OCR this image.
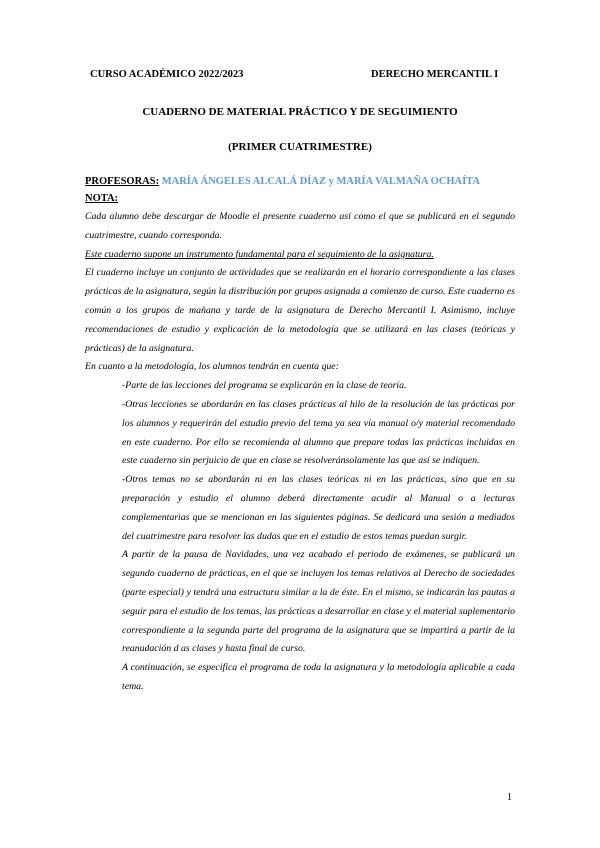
CURSO ACADÉMICO 2022/2023	DERECHO MERCANTIL I
CUADERNO DE MATERIAL PRÁCTICO Y DE SEGUIMIENTO
(PRIMER CUATRIMESTRE)
PROFESORAS: MARÍA ÁNGELES ALCALÁ DÍAZ y MARÍA VALMAÑA OCHAÍTA
NOTA:

Cada alumno debe descargar de Moodle el presente cuaderno así como el que se publicará en el segundo cuatrimestre, cuando corresponda.

Este cuaderno supone un instrumento fundamental para el seguimiento de la asignatura.

El cuaderno incluye un conjunto de actividades que se realizarán en el horario correspondiente a las clases prácticas de la asignatura, según la distribución por grupos asignada a comienzo de curso. Este cuaderno es común a los grupos de mañana y tarde de la asignatura de Derecho Mercantil I. Asimismo, incluye recomendaciones de estudio y explicación de la metodología que se utilizará en las clases (teóricas y prácticas) de la asignatura.

En cuanto a la metodología, los alumnos tendrán en cuenta que:

-Parte de las lecciones del programa se explicarán en la clase de teoría.

-Otras lecciones se abordarán en las clases prácticas al hilo de la resolución de las prácticas por los alumnos y requerirán del estudio previo del tema ya sea vía manual o/y material recomendado en este cuaderno. Por ello se recomienda al alumno que prepare todas las prácticas incluidas en este cuaderno sin perjuicio de que en clase se resolveránsolamente las que así se indiquen.

-Otros temas no se abordarán ni en las clases teóricas ni en las prácticas, sino que en su preparación y estudio el alumno deberá directamente acudir al Manual o a lecturas complementarias que se mencionan en las siguientes páginas. Se dedicará una sesión a mediados del cuatrimestre para resolver las dudas que en el estudio de estos temas puedan surgir.

A partir de la pausa de Navidades, una vez acabado el periodo de exámenes, se publicará un segundo cuaderno de prácticas, en el que se incluyen los temas relativos al Derecho de sociedades (parte especial) y tendrá una estructura similar a la de éste. En el mismo, se indicarán las pautas a seguir para el estudio de los temas, las prácticas a desarrollar en clase y el material suplementario correspondiente a la segunda parte del programa de la asignatura que se impartirá a partir de la reanudación d as clases y hasta final de curso.

A continuación, se especifica el programa de toda la asignatura y la metodología aplicable a cada tema.

1
